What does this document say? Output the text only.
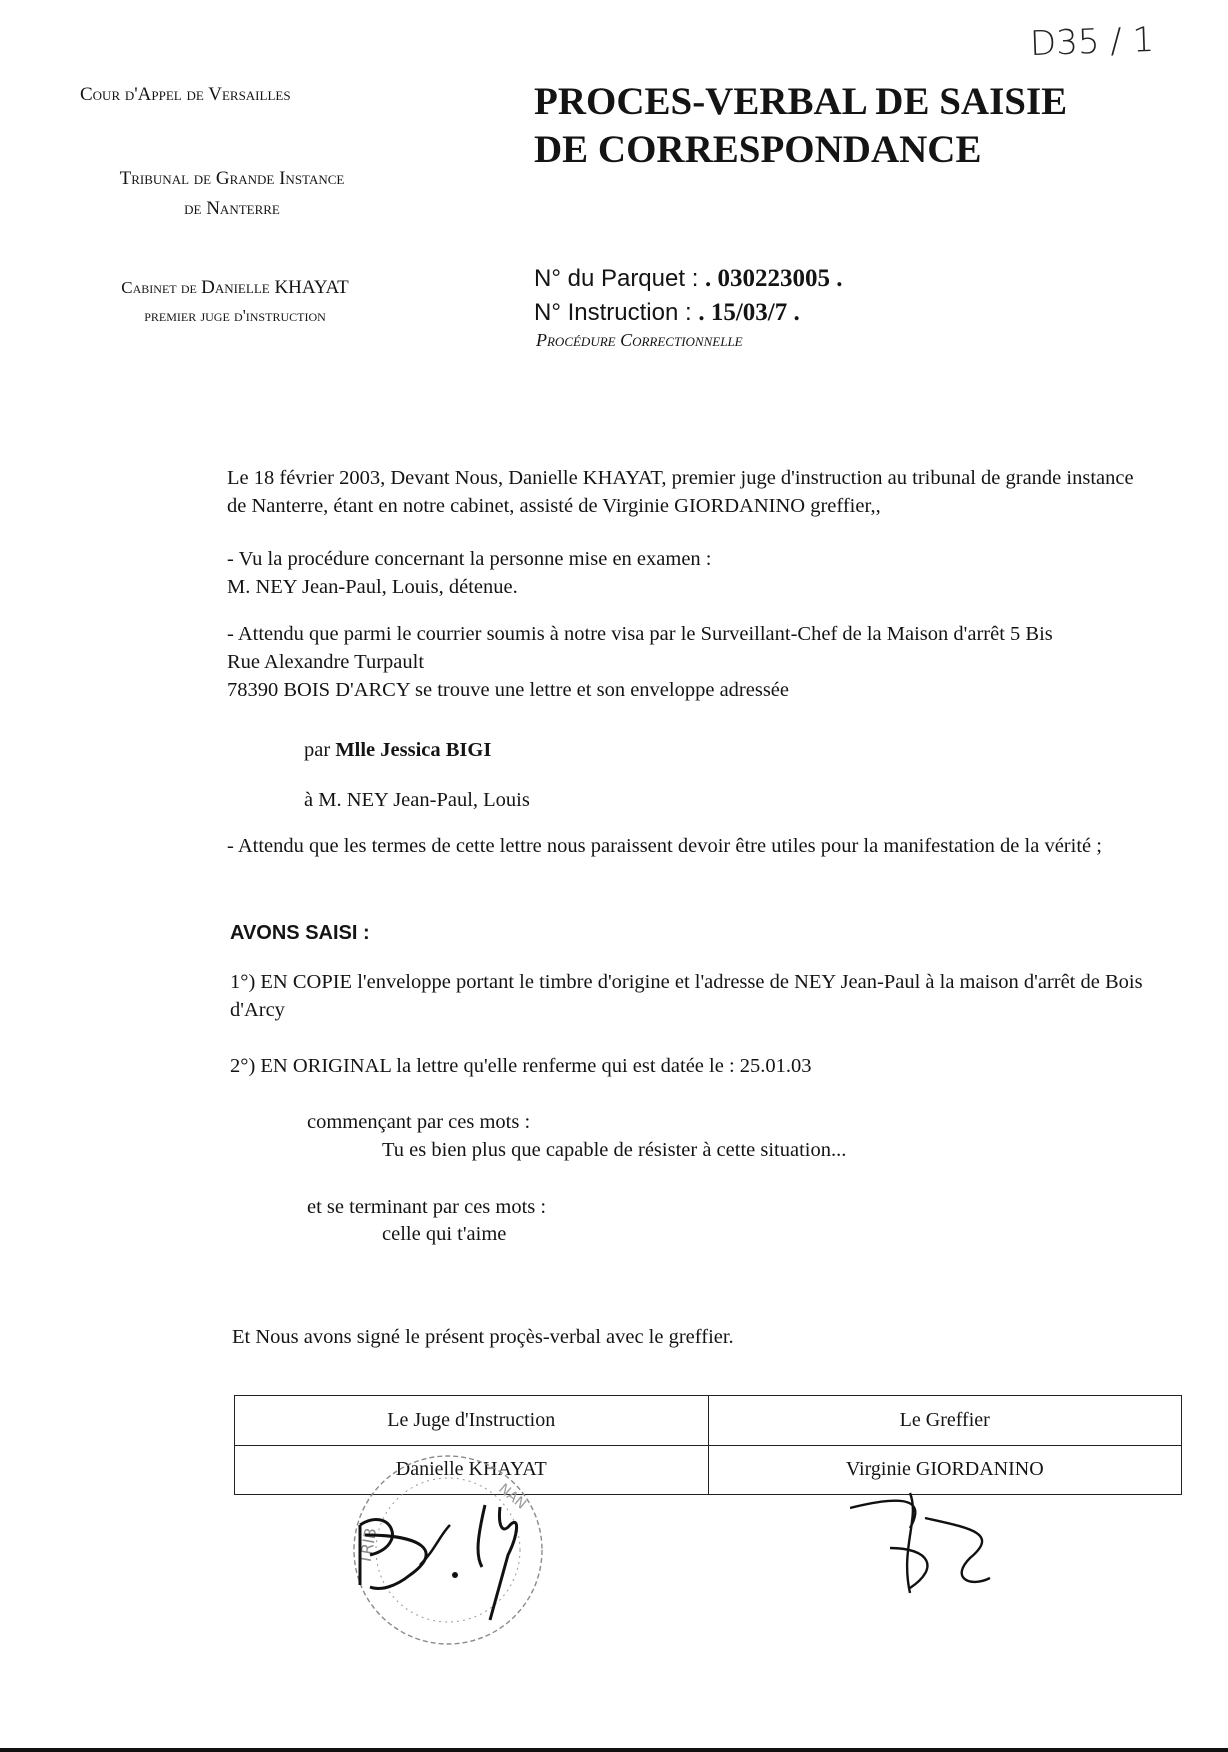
D35 / 1
Cour d'Appel de Versailles
Tribunal de Grande Instance
de Nanterre
Cabinet de Danielle KHAYAT
premier juge d'instruction
PROCES-VERBAL DE SAISIE
DE CORRESPONDANCE
N° du Parquet : . 030223005 .
N° Instruction : . 15/03/7 .
Procédure Correctionnelle
Le 18 février 2003, Devant Nous, Danielle KHAYAT, premier juge d'instruction au tribunal de grande instance de Nanterre, étant en notre cabinet, assisté de Virginie GIORDANINO greffier,,
- Vu la procédure concernant la personne mise en examen :
M. NEY Jean-Paul, Louis, détenue.
- Attendu que parmi le courrier soumis à notre visa par le Surveillant-Chef de la Maison d'arrêt 5 Bis
Rue Alexandre Turpault
78390 BOIS D'ARCY se trouve une lettre et son enveloppe adressée
par Mlle Jessica BIGI
à M. NEY Jean-Paul, Louis
- Attendu que les termes de cette lettre nous paraissent devoir être utiles pour la manifestation de la vérité ;
AVONS SAISI :
1°) EN COPIE l'enveloppe portant le timbre d'origine et l'adresse de NEY Jean-Paul à la maison d'arrêt de Bois d'Arcy
2°) EN ORIGINAL la lettre qu'elle renferme qui est datée le : 25.01.03
commençant par ces mots :
Tu es bien plus que capable de résister à cette situation...
et se terminant par ces mots :
celle qui t'aime
Et Nous avons signé le présent proçès-verbal avec le greffier.
Le Juge d'Instruction	Le Greffier
Danielle KHAYAT	Virginie GIORDANINO
TRIB
NAN
